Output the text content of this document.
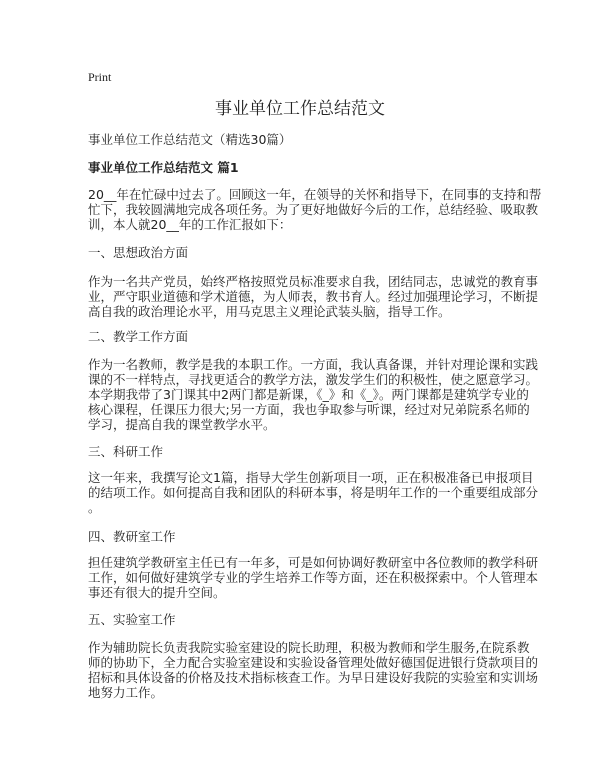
Print
事业单位工作总结范文
事业单位工作总结范文（精选30篇）
事业单位工作总结范文 篇1
20__年在忙碌中过去了。回顾这一年，在领导的关怀和指导下，在同事的支持和帮
忙下，我较圆满地完成各项任务。为了更好地做好今后的工作，总结经验、吸取教
训，本人就20__年的工作汇报如下：
一、思想政治方面
作为一名共产党员，始终严格按照党员标准要求自我，团结同志，忠诚党的教育事
业，严守职业道德和学术道德，为人师表，教书育人。经过加强理论学习，不断提
高自我的政治理论水平，用马克思主义理论武装头脑，指导工作。
二、教学工作方面
作为一名教师，教学是我的本职工作。一方面，我认真备课，并针对理论课和实践
课的不一样特点，寻找更适合的教学方法，激发学生们的积极性，使之愿意学习。
本学期我带了3门课其中2两门都是新课，《_》和《_》。两门课都是建筑学专业的
核心课程，任课压力很大;另一方面，我也争取参与听课，经过对兄弟院系名师的
学习，提高自我的课堂教学水平。
三、科研工作
这一年来，我撰写论文1篇，指导大学生创新项目一项，正在积极准备已申报项目
的结项工作。如何提高自我和团队的科研本事，将是明年工作的一个重要组成部分
。
四、教研室工作
担任建筑学教研室主任已有一年多，可是如何协调好教研室中各位教师的教学科研
工作，如何做好建筑学专业的学生培养工作等方面，还在积极探索中。个人管理本
事还有很大的提升空间。
五、实验室工作
作为辅助院长负责我院实验室建设的院长助理，积极为教师和学生服务,在院系教
师的协助下，全力配合实验室建设和实验设备管理处做好德国促进银行贷款项目的
招标和具体设备的价格及技术指标核查工作。为早日建设好我院的实验室和实训场
地努力工作。
